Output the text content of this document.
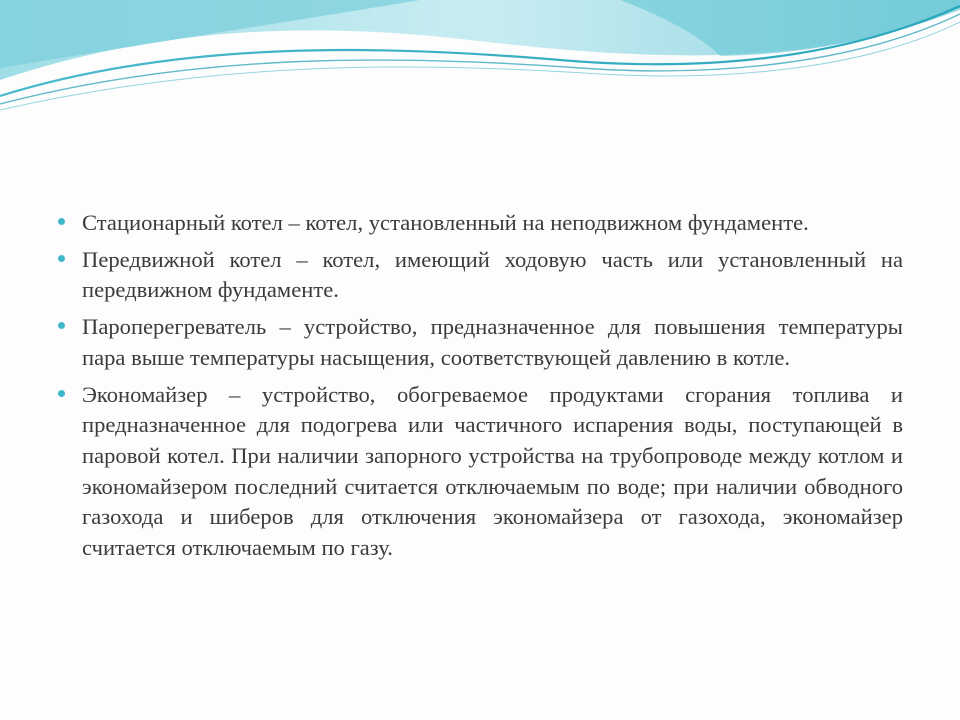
Стационарный котел – котел, установленный на неподвижном фундаменте.
Передвижной котел – котел, имеющий ходовую часть или установленный на передвижном фундаменте.
Пароперегреватель – устройство, предназначенное для повышения температуры пара выше температуры насыщения, соответствующей давлению в котле.
Экономайзер – устройство, обогреваемое продуктами сгорания топлива и предназначенное для подогрева или частичного испарения воды, поступающей в паровой котел. При наличии запорного устройства на трубопроводе между котлом и экономайзером последний считается отключаемым по воде; при наличии обводного газохода и шиберов для отключения экономайзера от газохода, экономайзер считается отключаемым по газу.
